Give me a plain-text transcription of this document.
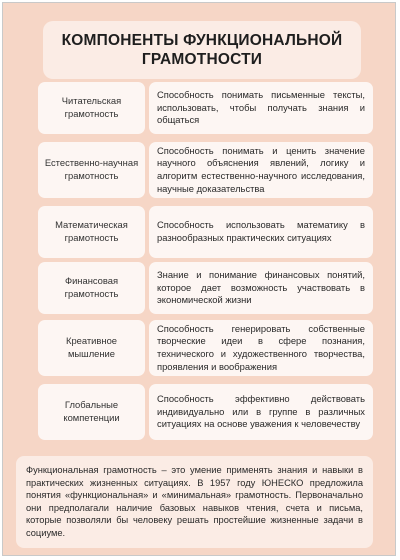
КОМПОНЕНТЫ ФУНКЦИОНАЛЬНОЙ ГРАМОТНОСТИ
Читательская грамотность
Способность понимать письменные тексты, использовать, чтобы получать знания и общаться
Естественно-научная грамотность
Способность понимать и ценить значение научного объяснения явлений, логику и алгоритм естественно-научного исследования, научные доказательства
Математическая грамотность
Способность использовать математику в разнообразных практических ситуациях
Финансовая грамотность
Знание и понимание финансовых понятий, которое дает возможность участвовать в экономической жизни
Креативное мышление
Способность генерировать собственные творческие идеи в сфере познания, технического и художественного творчества, проявления и воображения
Глобальные компетенции
Способность эффективно действовать индивидуально или в группе в различных ситуациях на основе уважения к человечеству
Функциональная грамотность – это умение применять знания и навыки в практических жизненных ситуациях. В 1957 году ЮНЕСКО предложила понятия «функциональная» и «минимальная» грамотность. Первоначально они предполагали наличие базовых навыков чтения, счета и письма, которые позволяли бы человеку решать простейшие жизненные задачи в социуме.
